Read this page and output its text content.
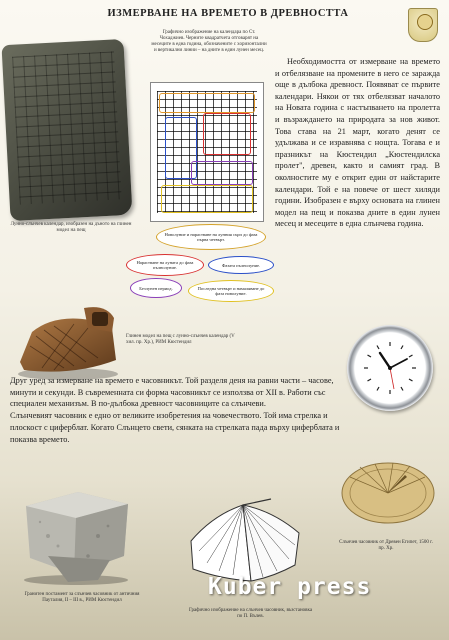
ИЗМЕРВАНЕ НА ВРЕМЕТО В ДРЕВНОСТТА
Лунно-слънчев календар, изобразен на дъното на глинен модел на пещ
Графично изображение на календара по Ст. Чохаджиев. Черните квадратчета отговарят на месеците в една година, обозначените с хоризонтални и вертикални линии – на дните в един лунен месец.
Новолуние и нарастване на лунния сърп до фаза първа четвърт.
Нарастване на луната до фаза пълнолуние.	Фазата пълнолуние.
Безлунен период.	Последна четвърт и намаляване до фаза новолуние.
Необходимостта от измерване на времето и отбелязване на промените в него се заражда още в дълбока древност. Появяват се първите календари. Някои от тях отбелязват началото на Новата година с настъпването на пролетта и възраждането на природата за нов живот. Това става на 21 март, когато денят се удължава и се изравнява с нощта. Тогава е и празникът на Кюстендил „Кюстендилска пролет", древен, както и самият град. В околностите му е открит един от найстарите календари. Той е на повече от шест хиляди години. Изобразен е върху основата на глинен модел на пещ и показва дните в един лунен месец и месеците в една слънчева година.
Глинен модел на пещ с лунно-слънчев календар (V хил. пр. Хр.), РИМ Кюстендил
Друг уред за измерване на времето е часовникът. Той разделя деня на равни части – часове, минути и секунди. В съвременната си форма часовникът се използва от XII в. Работи със специален механизъм. В по-дълбока древност часовниците са слънчеви.
Слънчевият часовник е едно от великите изобретения на човечеството. Той има стрелка и плоскост с циферблат. Когато Слънцето свети, сянката на стрелката пада върху циферблата и показва времето.
Слънчев часовник от Древен Египет, 1500 г. пр. Хр.
Гранитен постамент за слънчев часовник от античния Пауталия, II – III в., РИМ Кюстендил
Графично изображение на слънчев часовник, възстановка по П. Вълев.
Kuber press
